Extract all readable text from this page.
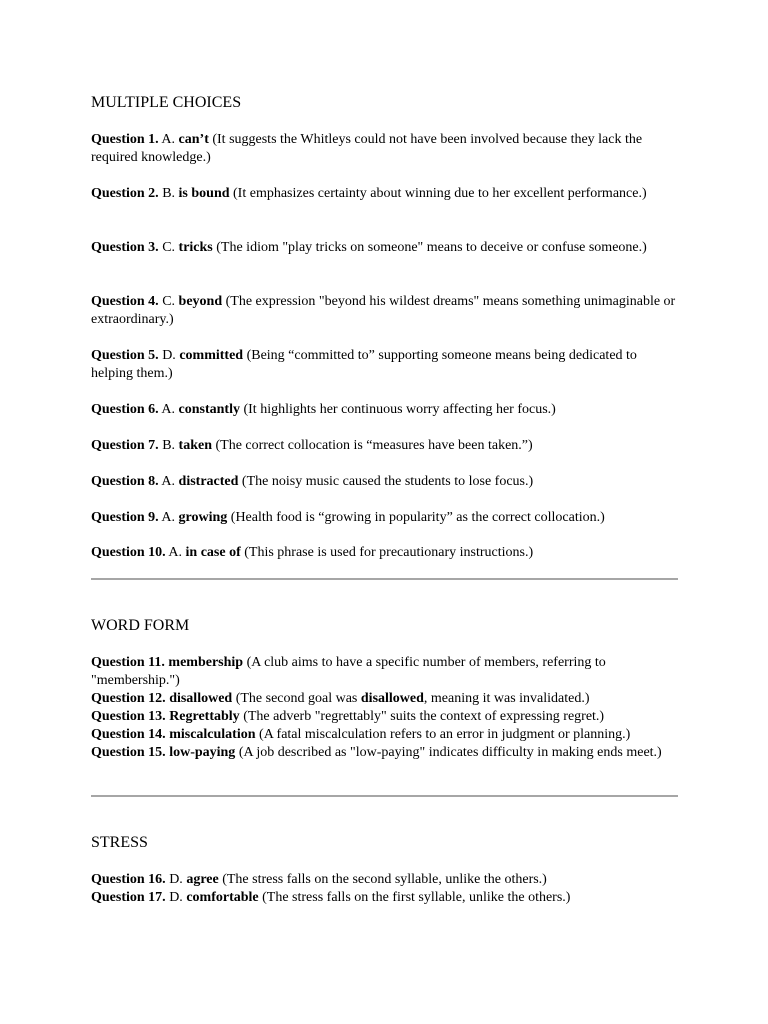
MULTIPLE CHOICES

Question 1. A. can’t (It suggests the Whitleys could not have been involved because they lack the required knowledge.)

Question 2. B. is bound (It emphasizes certainty about winning due to her excellent performance.)

Question 3. C. tricks (The idiom "play tricks on someone" means to deceive or confuse someone.)

Question 4. C. beyond (The expression "beyond his wildest dreams" means something unimaginable or extraordinary.)

Question 5. D. committed (Being “committed to” supporting someone means being dedicated to helping them.)

Question 6. A. constantly (It highlights her continuous worry affecting her focus.)

Question 7. B. taken (The correct collocation is “measures have been taken.”)

Question 8. A. distracted (The noisy music caused the students to lose focus.)

Question 9. A. growing (Health food is “growing in popularity” as the correct collocation.)

Question 10. A. in case of (This phrase is used for precautionary instructions.)

WORD FORM

Question 11. membership (A club aims to have a specific number of members, referring to "membership.")

Question 12. disallowed (The second goal was disallowed, meaning it was invalidated.)

Question 13. Regrettably (The adverb "regrettably" suits the context of expressing regret.)

Question 14. miscalculation (A fatal miscalculation refers to an error in judgment or planning.)

Question 15. low-paying (A job described as "low-paying" indicates difficulty in making ends meet.)

STRESS

Question 16. D. agree (The stress falls on the second syllable, unlike the others.)

Question 17. D. comfortable (The stress falls on the first syllable, unlike the others.)
